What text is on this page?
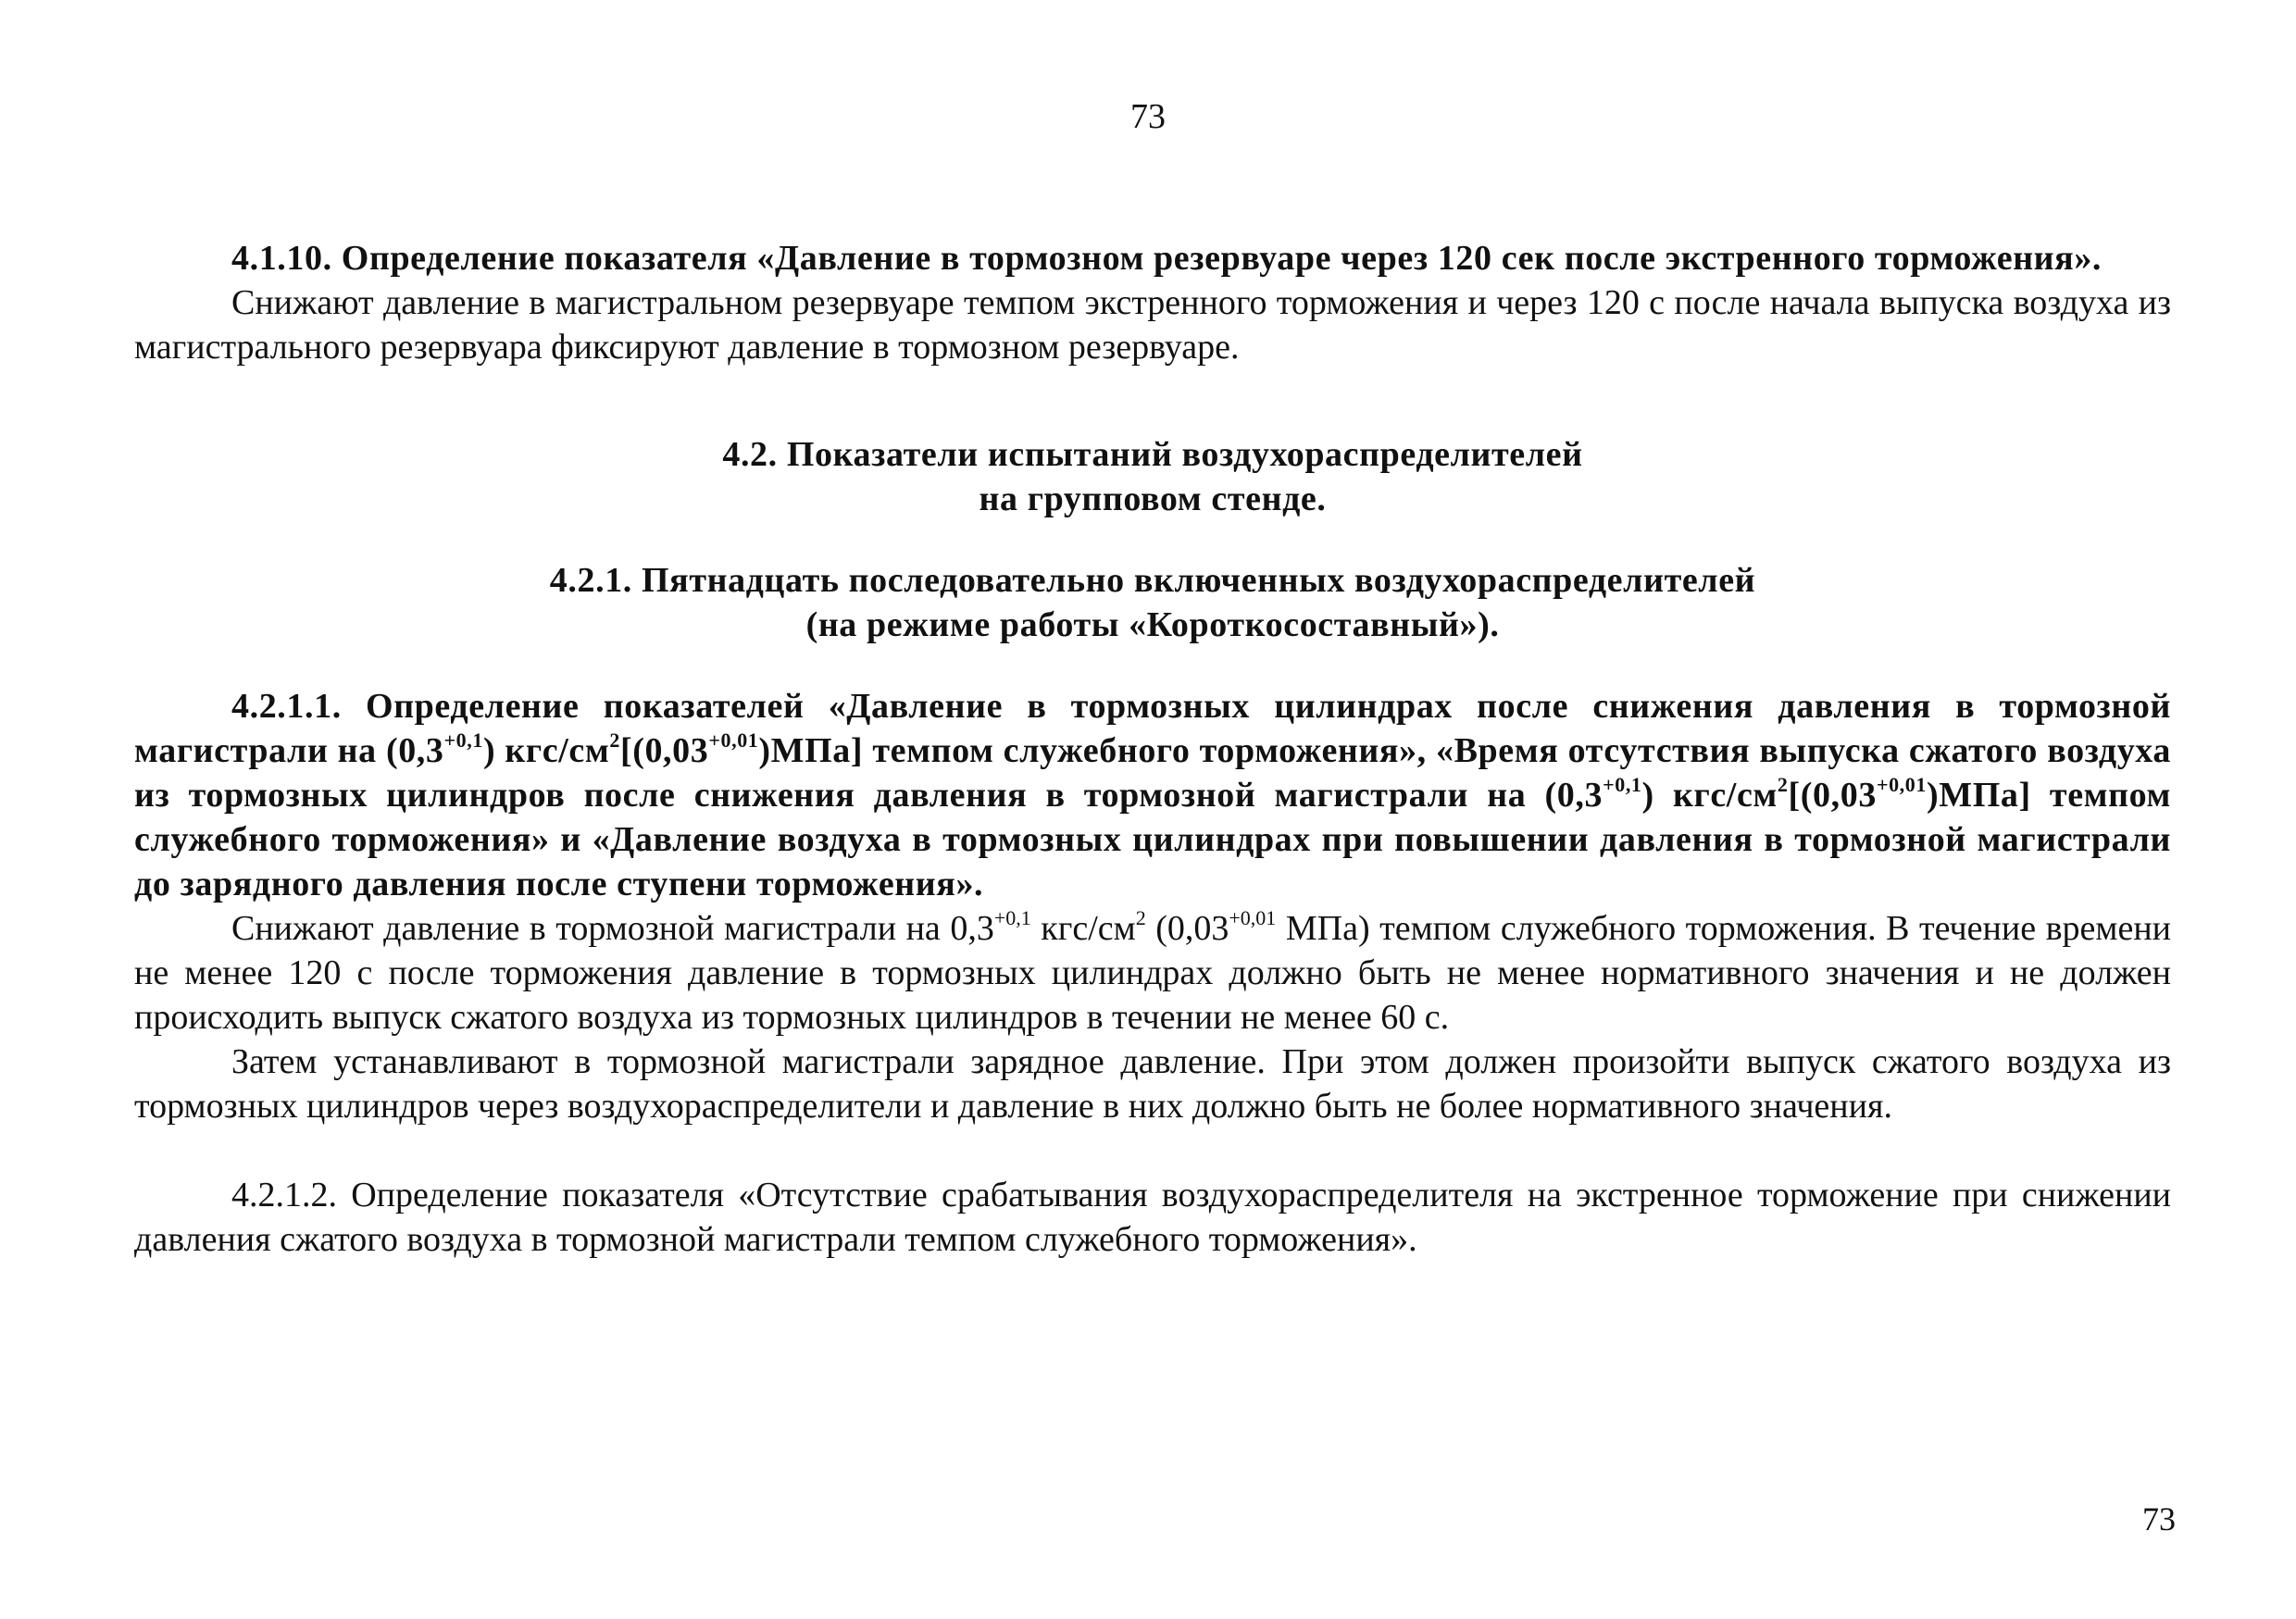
73

4.1.10. Определение показателя «Давление в тормозном резервуаре через 120 сек после экстренного торможения».

Снижают давление в магистральном резервуаре темпом экстренного торможения и через 120 с после начала выпуска воздуха из магистрального резервуара фиксируют давление в тормозном резервуаре.

4.2. Показатели испытаний воздухораспределителей

на групповом стенде.

4.2.1. Пятнадцать последовательно включенных воздухораспределителей

(на режиме работы «Короткосоставный»).

4.2.1.1. Определение показателей «Давление в тормозных цилиндрах после снижения давления в тормозной магистрали на $(0,3^{+0,1})$ кгс/$см^2[(0,03^{+0,01})МПа]$ темпом служебного торможения», «Время отсутствия выпуска сжатого воздуха из тормозных цилиндров после снижения давления в тормозной магистрали на $(0,3^{+0,1})$ кгс/$см^2[(0,03^{+0,01})МПа]$ темпом служебного торможения» и «Давление воздуха в тормозных цилиндрах при повышении давления в тормозной магистрали до зарядного давления после ступени торможения».

Снижают давление в тормозной магистрали на $0,3^{+0,1}$ кгс/$см^2$ ($0,03^{+0,01}$ МПа) темпом служебного торможения. В течение времени не менее 120 с после торможения давление в тормозных цилиндрах должно быть не менее нормативного значения и не должен происходить выпуск сжатого воздуха из тормозных цилиндров в течении не менее 60 с.

Затем устанавливают в тормозной магистрали зарядное давление. При этом должен произойти выпуск сжатого воздуха из тормозных цилиндров через воздухораспределители и давление в них должно быть не более нормативного значения.

4.2.1.2. Определение показателя «Отсутствие срабатывания воздухораспределителя на экстренное торможение при снижении давления сжатого воздуха в тормозной магистрали темпом служебного торможения».

73
